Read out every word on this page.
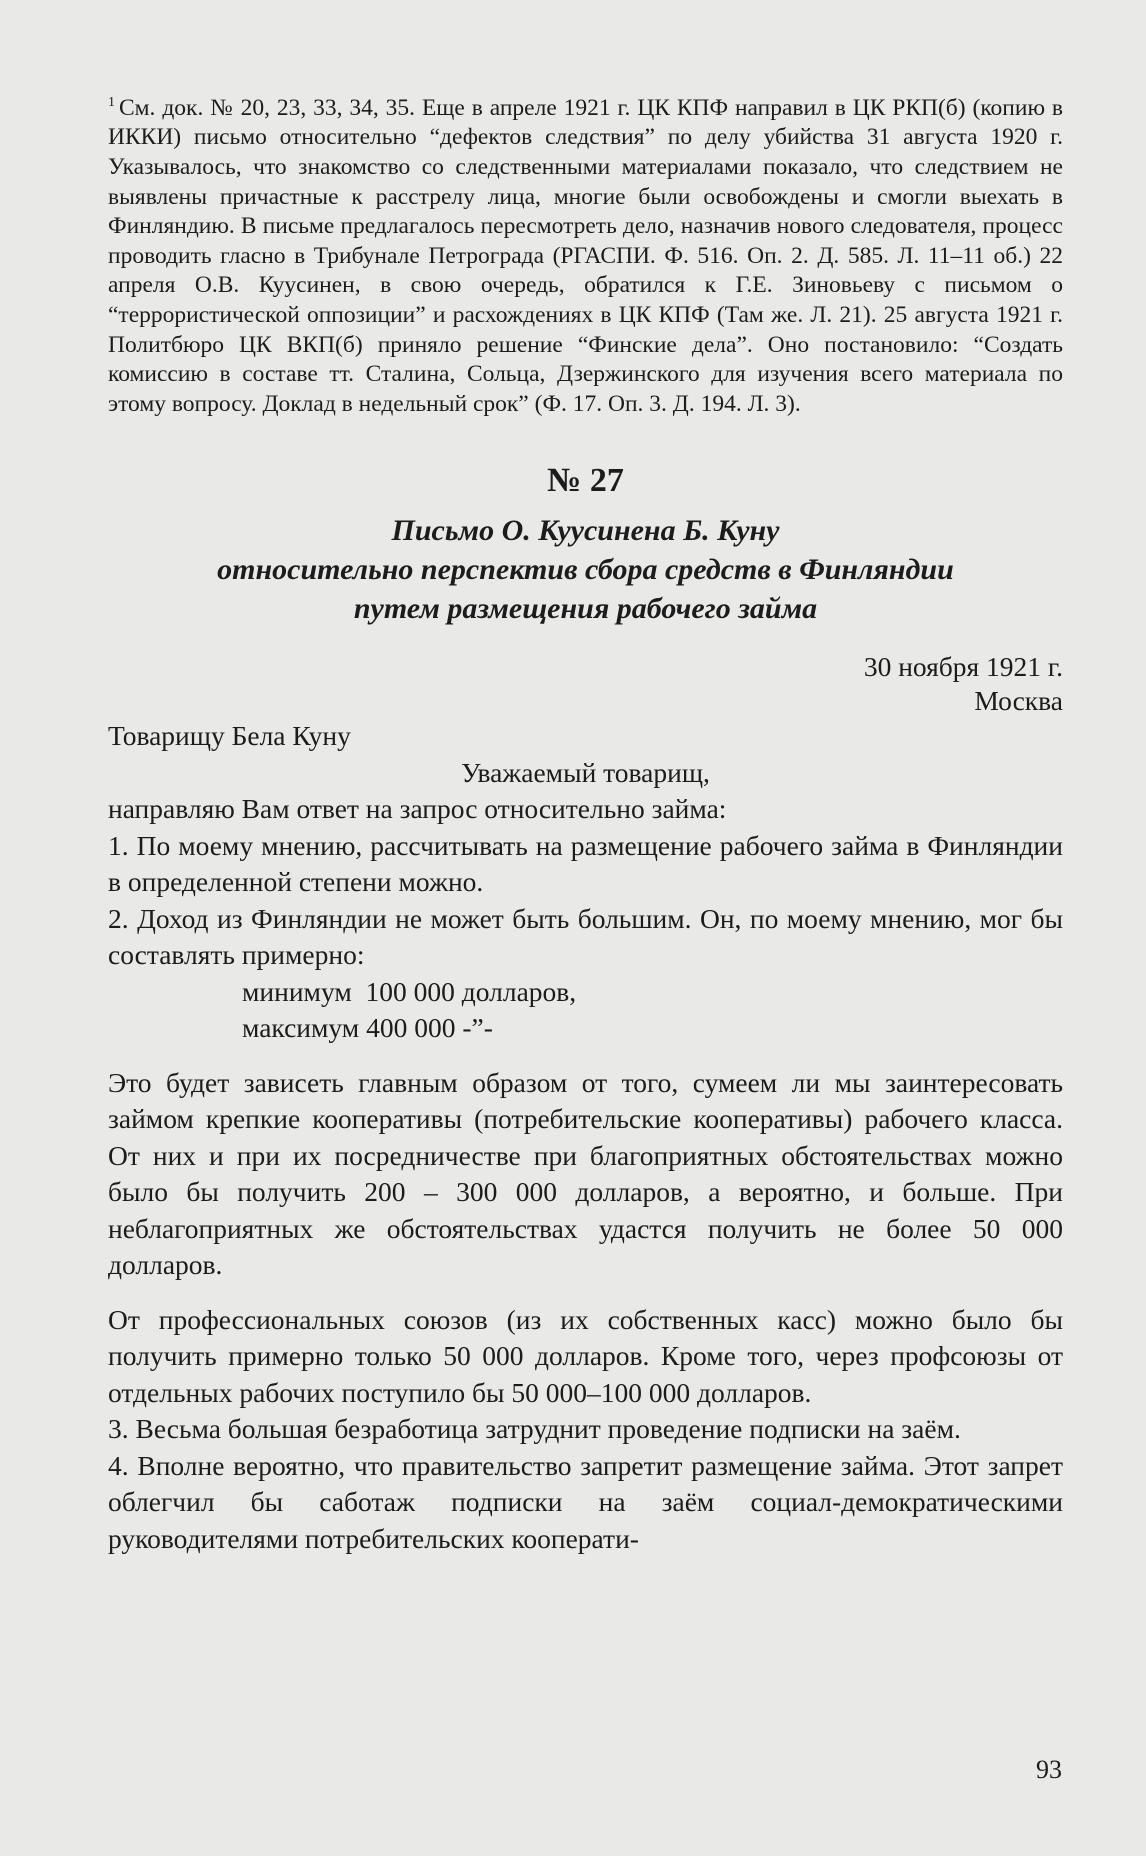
$^1$ См. док. № 20, 23, 33, 34, 35. Еще в апреле 1921 г. ЦК КПФ направил в ЦК РКП(б) (копию в ИККИ) письмо относительно “дефектов следствия” по делу убийства 31 августа 1920 г. Указывалось, что знакомство со следственными материалами показало, что следствием не выявлены причастные к расстрелу лица, многие были освобождены и смогли выехать в Финляндию. В письме предлагалось пересмотреть дело, назначив нового следователя, процесс проводить гласно в Трибунале Петрограда (РГАСПИ. Ф. 516. Оп. 2. Д. 585. Л. 11–11 об.) 22 апреля О.В. Куусинен, в свою очередь, обратился к Г.Е. Зиновьеву с письмом о “террористической оппозиции” и расхождениях в ЦК КПФ (Там же. Л. 21). 25 августа 1921 г. Политбюро ЦК ВКП(б) приняло решение “Финские дела”. Оно постановило: “Создать комиссию в составе тт. Сталина, Сольца, Дзержинского для изучения всего материала по этому вопросу. Доклад в недельный срок” (Ф. 17. Оп. 3. Д. 194. Л. 3).

№ 27
Письмо О. Куусинена Б. Куну
относительно перспектив сбора средств в Финляндии
путем размещения рабочего займа
30 ноября 1921 г.
Москва

Товарищу Бела Куну

Уважаемый товарищ,

направляю Вам ответ на запрос относительно займа:

1. По моему мнению, рассчитывать на размещение рабочего займа в Финляндии в определенной степени можно.

2. Доход из Финляндии не может быть большим. Он, по моему мнению, мог бы составлять примерно:

минимум  100 000 долларов,

максимум 400 000 -”-

Это будет зависеть главным образом от того, сумеем ли мы заинтересовать займом крепкие кооперативы (потребительские кооперативы) рабочего класса. От них и при их посредничестве при благоприятных обстоятельствах можно было бы получить 200 – 300 000 долларов, а вероятно, и больше. При неблагоприятных же обстоятельствах удастся получить не более 50 000 долларов.

От профессиональных союзов (из их собственных касс) можно было бы получить примерно только 50 000 долларов. Кроме того, через профсоюзы от отдельных рабочих поступило бы 50 000–100 000 долларов.

3. Весьма большая безработица затруднит проведение подписки на заём.

4. Вполне вероятно, что правительство запретит размещение займа. Этот запрет облегчил бы саботаж подписки на заём социал-демократическими руководителями потребительских кооперати-

93
